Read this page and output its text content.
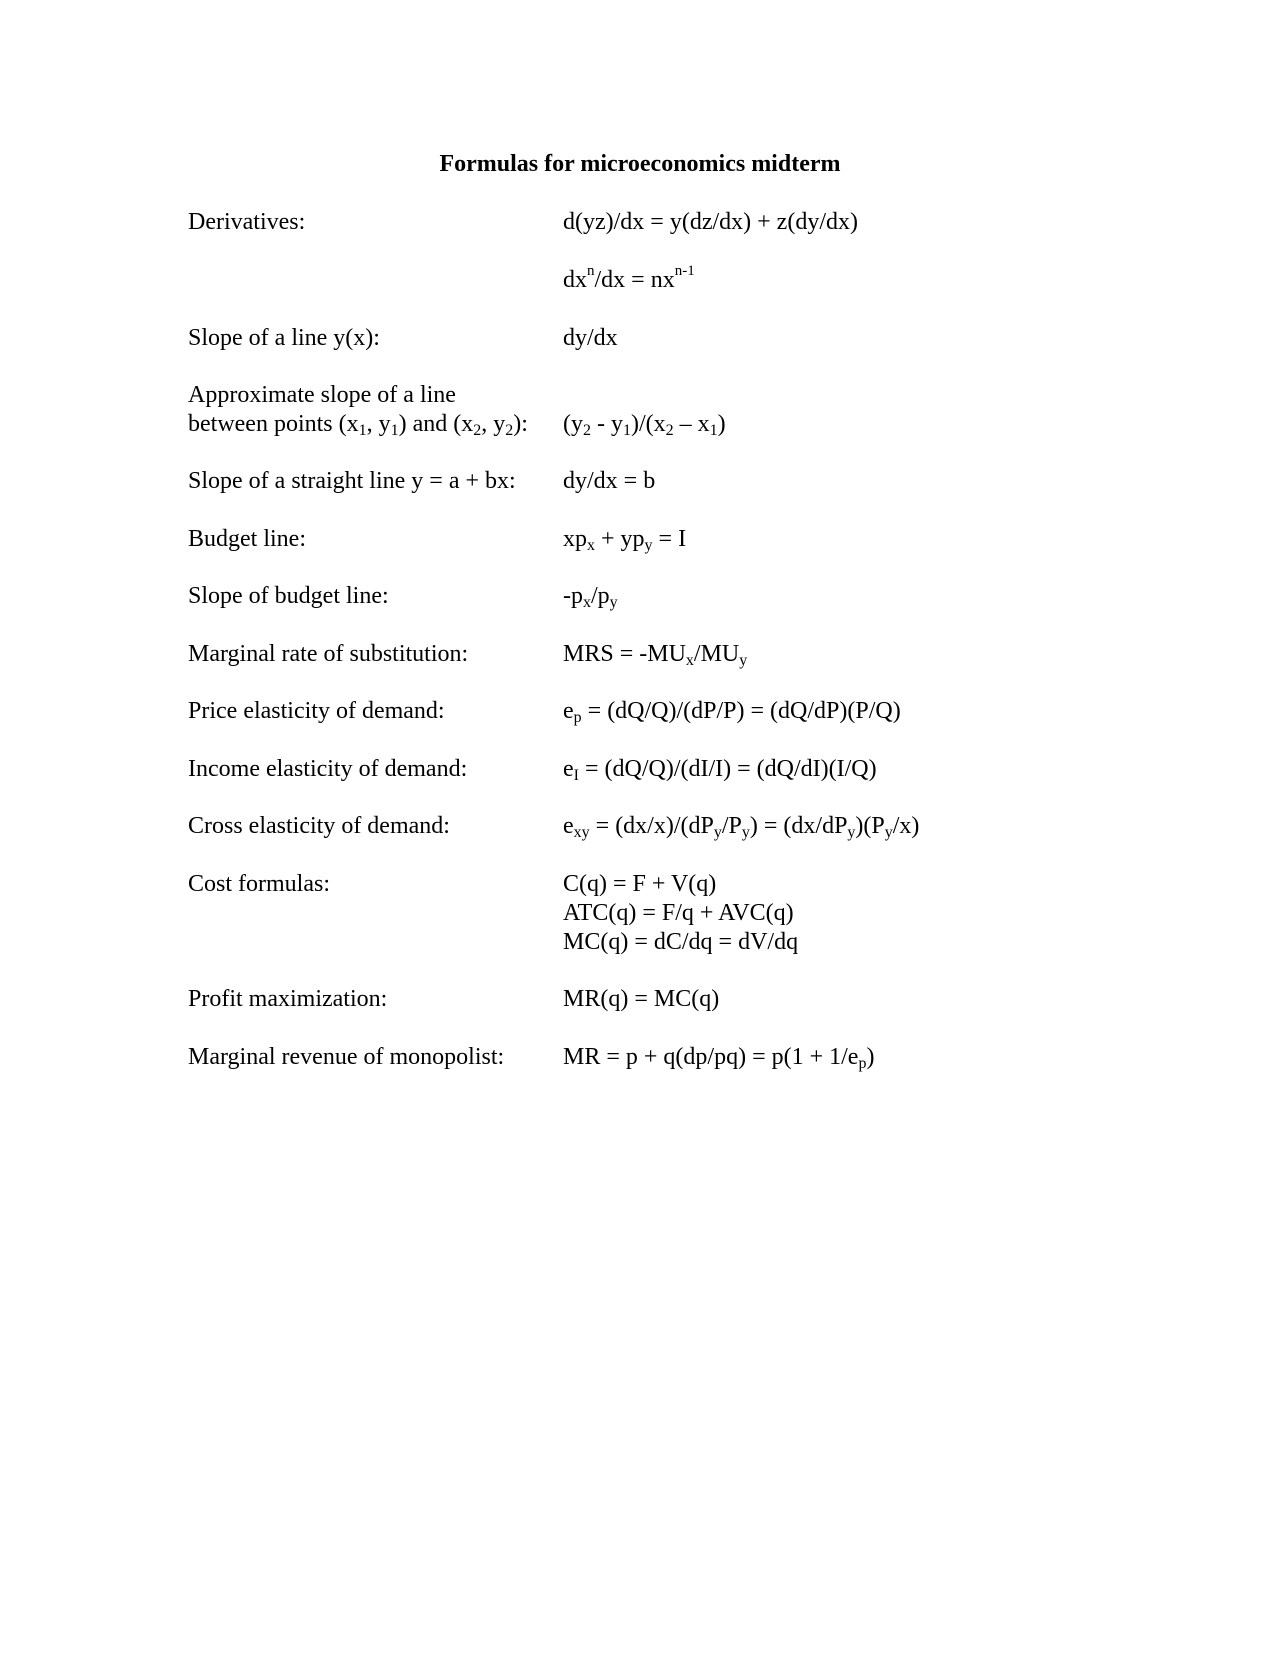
Formulas for microeconomics midterm
Derivatives:	d(yz)/dx = y(dz/dx) + z(dy/dx)
$dx^n/dx = nx^{n-1}$
Slope of a line y(x):	dy/dx
Approximate slope of a line
between points ($x_1$, $y_1$) and ($x_2$, $y_2$): $(y_2 - y_1)/(x_2 - x_1)$
Slope of a straight line y = a + bx: dy/dx = b
Budget line:	$xp_x + yp_y = I$
Slope of budget line:	$-p_x/p_y$
Marginal rate of substitution:	MRS = $-MU_x/MU_y$
Price elasticity of demand:	$e_p = (dQ/Q)/(dP/P) = (dQ/dP)(P/Q)$
Income elasticity of demand:	$e_I = (dQ/Q)/(dI/I) = (dQ/dI)(I/Q)$
Cross elasticity of demand:	$e_{xy} = (dx/x)/(dP_y/P_y) = (dx/dP_y)(P_y/x)$
Cost formulas:	C(q) = F + V(q)
ATC(q) = F/q + AVC(q)
MC(q) = dC/dq = dV/dq
Profit maximization:	MR(q) = MC(q)
Marginal revenue of monopolist: MR = $p + q(dp/pq) = p(1 + 1/e_p)$
